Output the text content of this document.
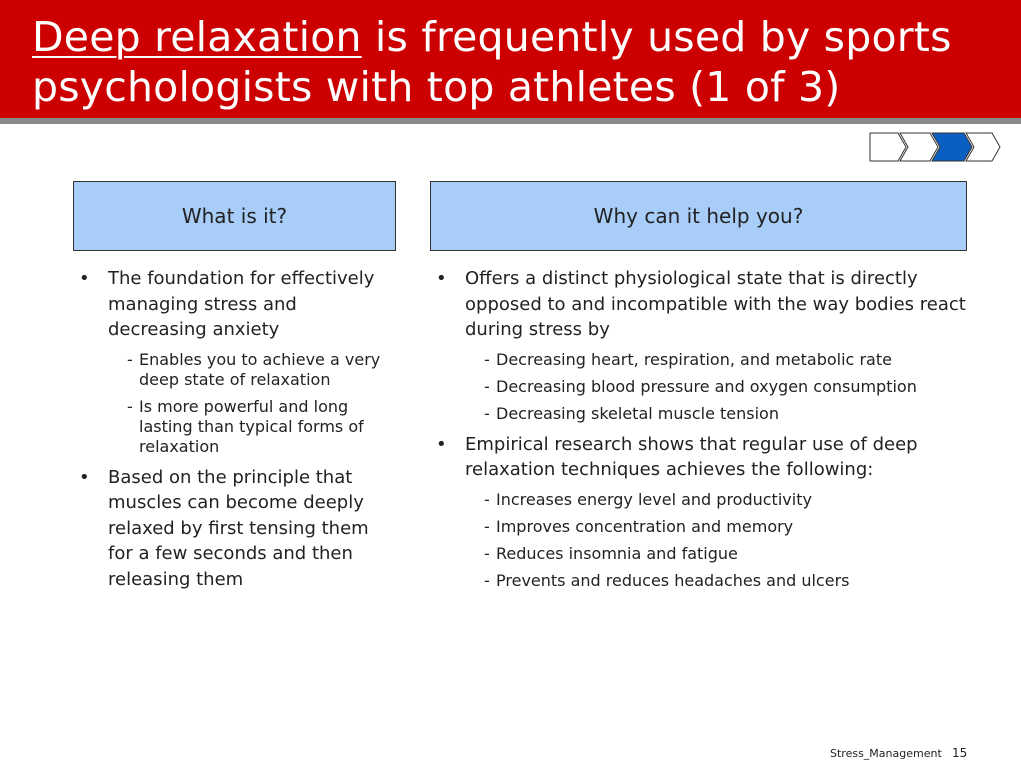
Deep relaxation is frequently used by sports psychologists with top athletes (1 of 3)
What is it?	Why can it help you?
• The foundation for effectively managing stress and decreasing anxiety
- Enables you to achieve a very deep state of relaxation
- Is more powerful and long lasting than typical forms of relaxation
• Based on the principle that muscles can become deeply relaxed by first tensing them for a few seconds and then releasing them
• Offers a distinct physiological state that is directly opposed to and incompatible with the way bodies react during stress by
- Decreasing heart, respiration, and metabolic rate
- Decreasing blood pressure and oxygen consumption
- Decreasing skeletal muscle tension
• Empirical research shows that regular use of deep relaxation techniques achieves the following:
- Increases energy level and productivity
- Improves concentration and memory
- Reduces insomnia and fatigue
- Prevents and reduces headaches and ulcers
Stress_Management 15
